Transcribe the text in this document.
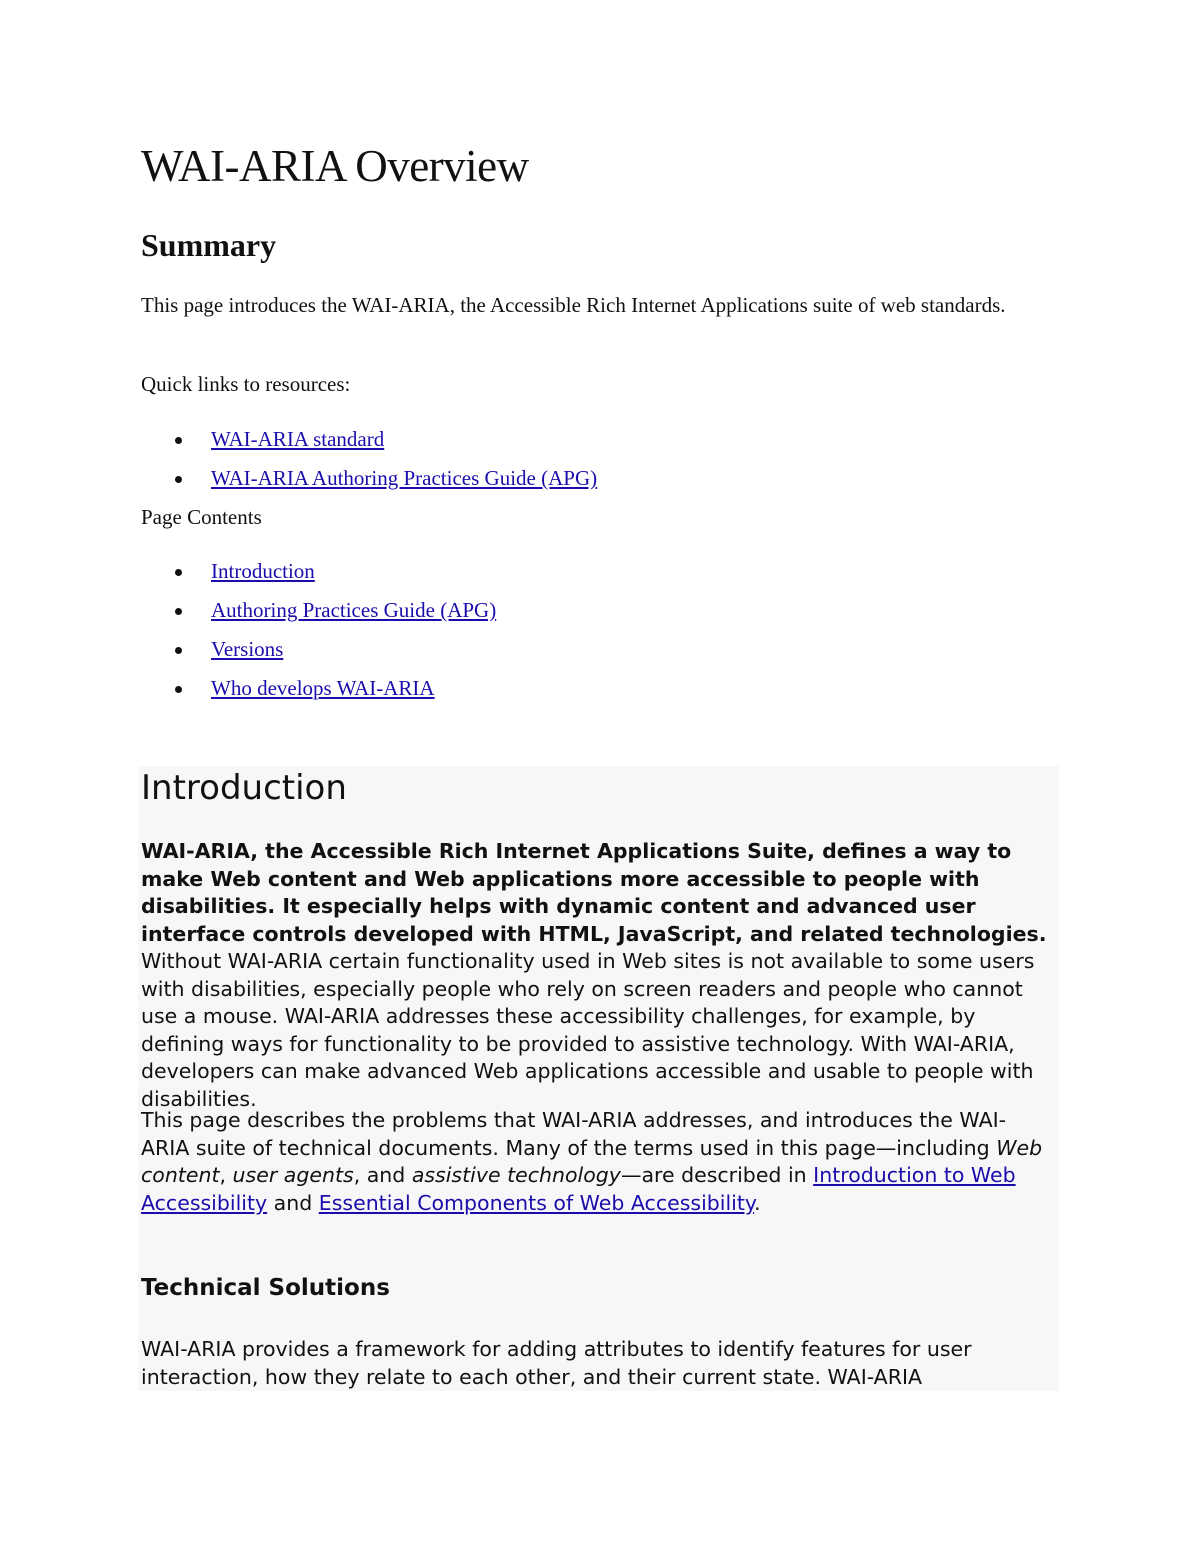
WAI-ARIA Overview
Summary

This page introduces the WAI-ARIA, the Accessible Rich Internet Applications suite of web standards.

Quick links to resources:

WAI-ARIA standard
WAI-ARIA Authoring Practices Guide (APG)

Page Contents

Introduction
Authoring Practices Guide (APG)
Versions
Who develops WAI-ARIA
Introduction

WAI-ARIA, the Accessible Rich Internet Applications Suite, defines a way to make Web content and Web applications more accessible to people with disabilities. It especially helps with dynamic content and advanced user interface controls developed with HTML, JavaScript, and related technologies. Without WAI-ARIA certain functionality used in Web sites is not available to some users with disabilities, especially people who rely on screen readers and people who cannot use a mouse. WAI-ARIA addresses these accessibility challenges, for example, by defining ways for functionality to be provided to assistive technology. With WAI-ARIA, developers can make advanced Web applications accessible and usable to people with disabilities.

This page describes the problems that WAI-ARIA addresses, and introduces the WAI-ARIA suite of technical documents. Many of the terms used in this page—including Web content, user agents, and assistive technology—are described in Introduction to Web Accessibility and Essential Components of Web Accessibility.

Technical Solutions

WAI-ARIA provides a framework for adding attributes to identify features for user interaction, how they relate to each other, and their current state. WAI-ARIA
